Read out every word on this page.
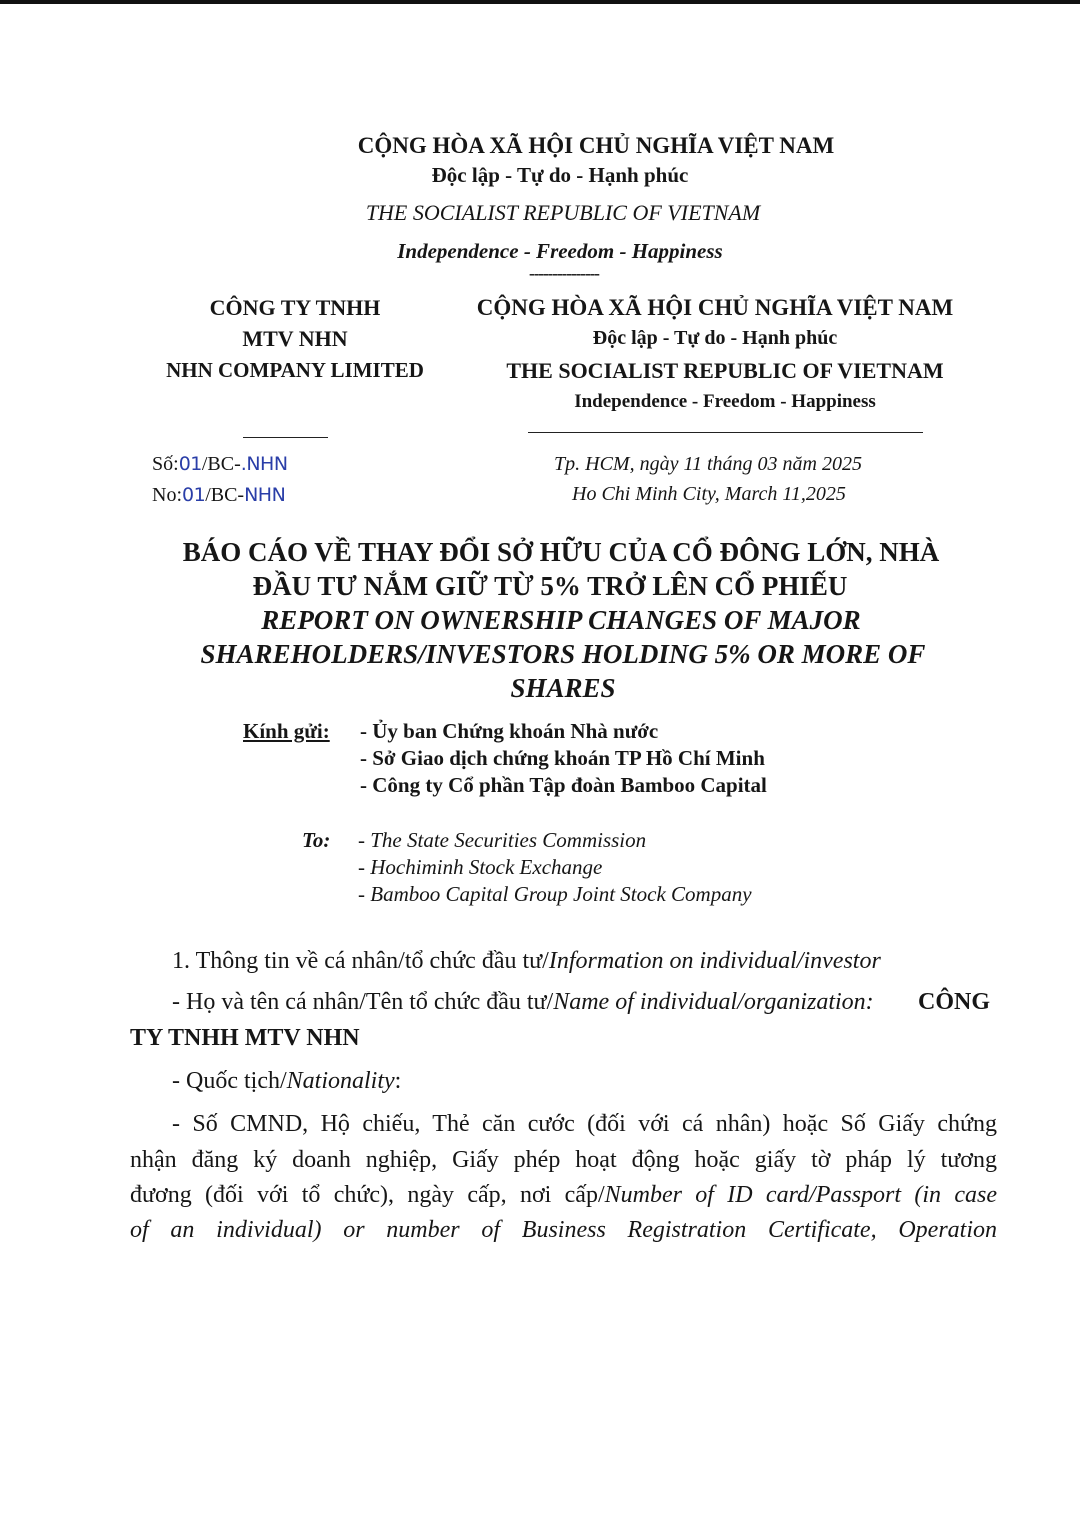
CỘNG HÒA XÃ HỘI CHỦ NGHĨA VIỆT NAM
Độc lập - Tự do - Hạnh phúc
THE SOCIALIST REPUBLIC OF VIETNAM
Independence - Freedom - Happiness
---------------
CÔNG TY TNHH
MTV NHN
NHN COMPANY LIMITED
CỘNG HÒA XÃ HỘI CHỦ NGHĨA VIỆT NAM
Độc lập - Tự do - Hạnh phúc
THE SOCIALIST REPUBLIC OF VIETNAM
Independence - Freedom - Happiness
Số:01/BC-.NHN
No:01/BC-NHN
Tp. HCM, ngày 11 tháng 03 năm 2025
Ho Chi Minh City, March 11,2025
BÁO CÁO VỀ THAY ĐỔI SỞ HỮU CỦA CỔ ĐÔNG LỚN, NHÀ
ĐẦU TƯ NẮM GIỮ TỪ 5% TRỞ LÊN CỔ PHIẾU
REPORT ON OWNERSHIP CHANGES OF MAJOR
SHAREHOLDERS/INVESTORS HOLDING 5% OR MORE OF
SHARES
Kính gửi: - Ủy ban Chứng khoán Nhà nước
- Sở Giao dịch chứng khoán TP Hồ Chí Minh
- Công ty Cổ phần Tập đoàn Bamboo Capital
To: - The State Securities Commission
- Hochiminh Stock Exchange
- Bamboo Capital Group Joint Stock Company
1. Thông tin về cá nhân/tổ chức đầu tư/Information on individual/investor
- Họ và tên cá nhân/Tên tổ chức đầu tư/Name of individual/organization: CÔNG
TY TNHH MTV NHN
- Quốc tịch/Nationality:
- Số CMND, Hộ chiếu, Thẻ căn cước (đối với cá nhân) hoặc Số Giấy chứng
nhận đăng ký doanh nghiệp, Giấy phép hoạt động hoặc giấy tờ pháp lý tương
đương (đối với tổ chức), ngày cấp, nơi cấp/Number of ID card/Passport (in case
of an individual) or number of Business Registration Certificate, Operation
